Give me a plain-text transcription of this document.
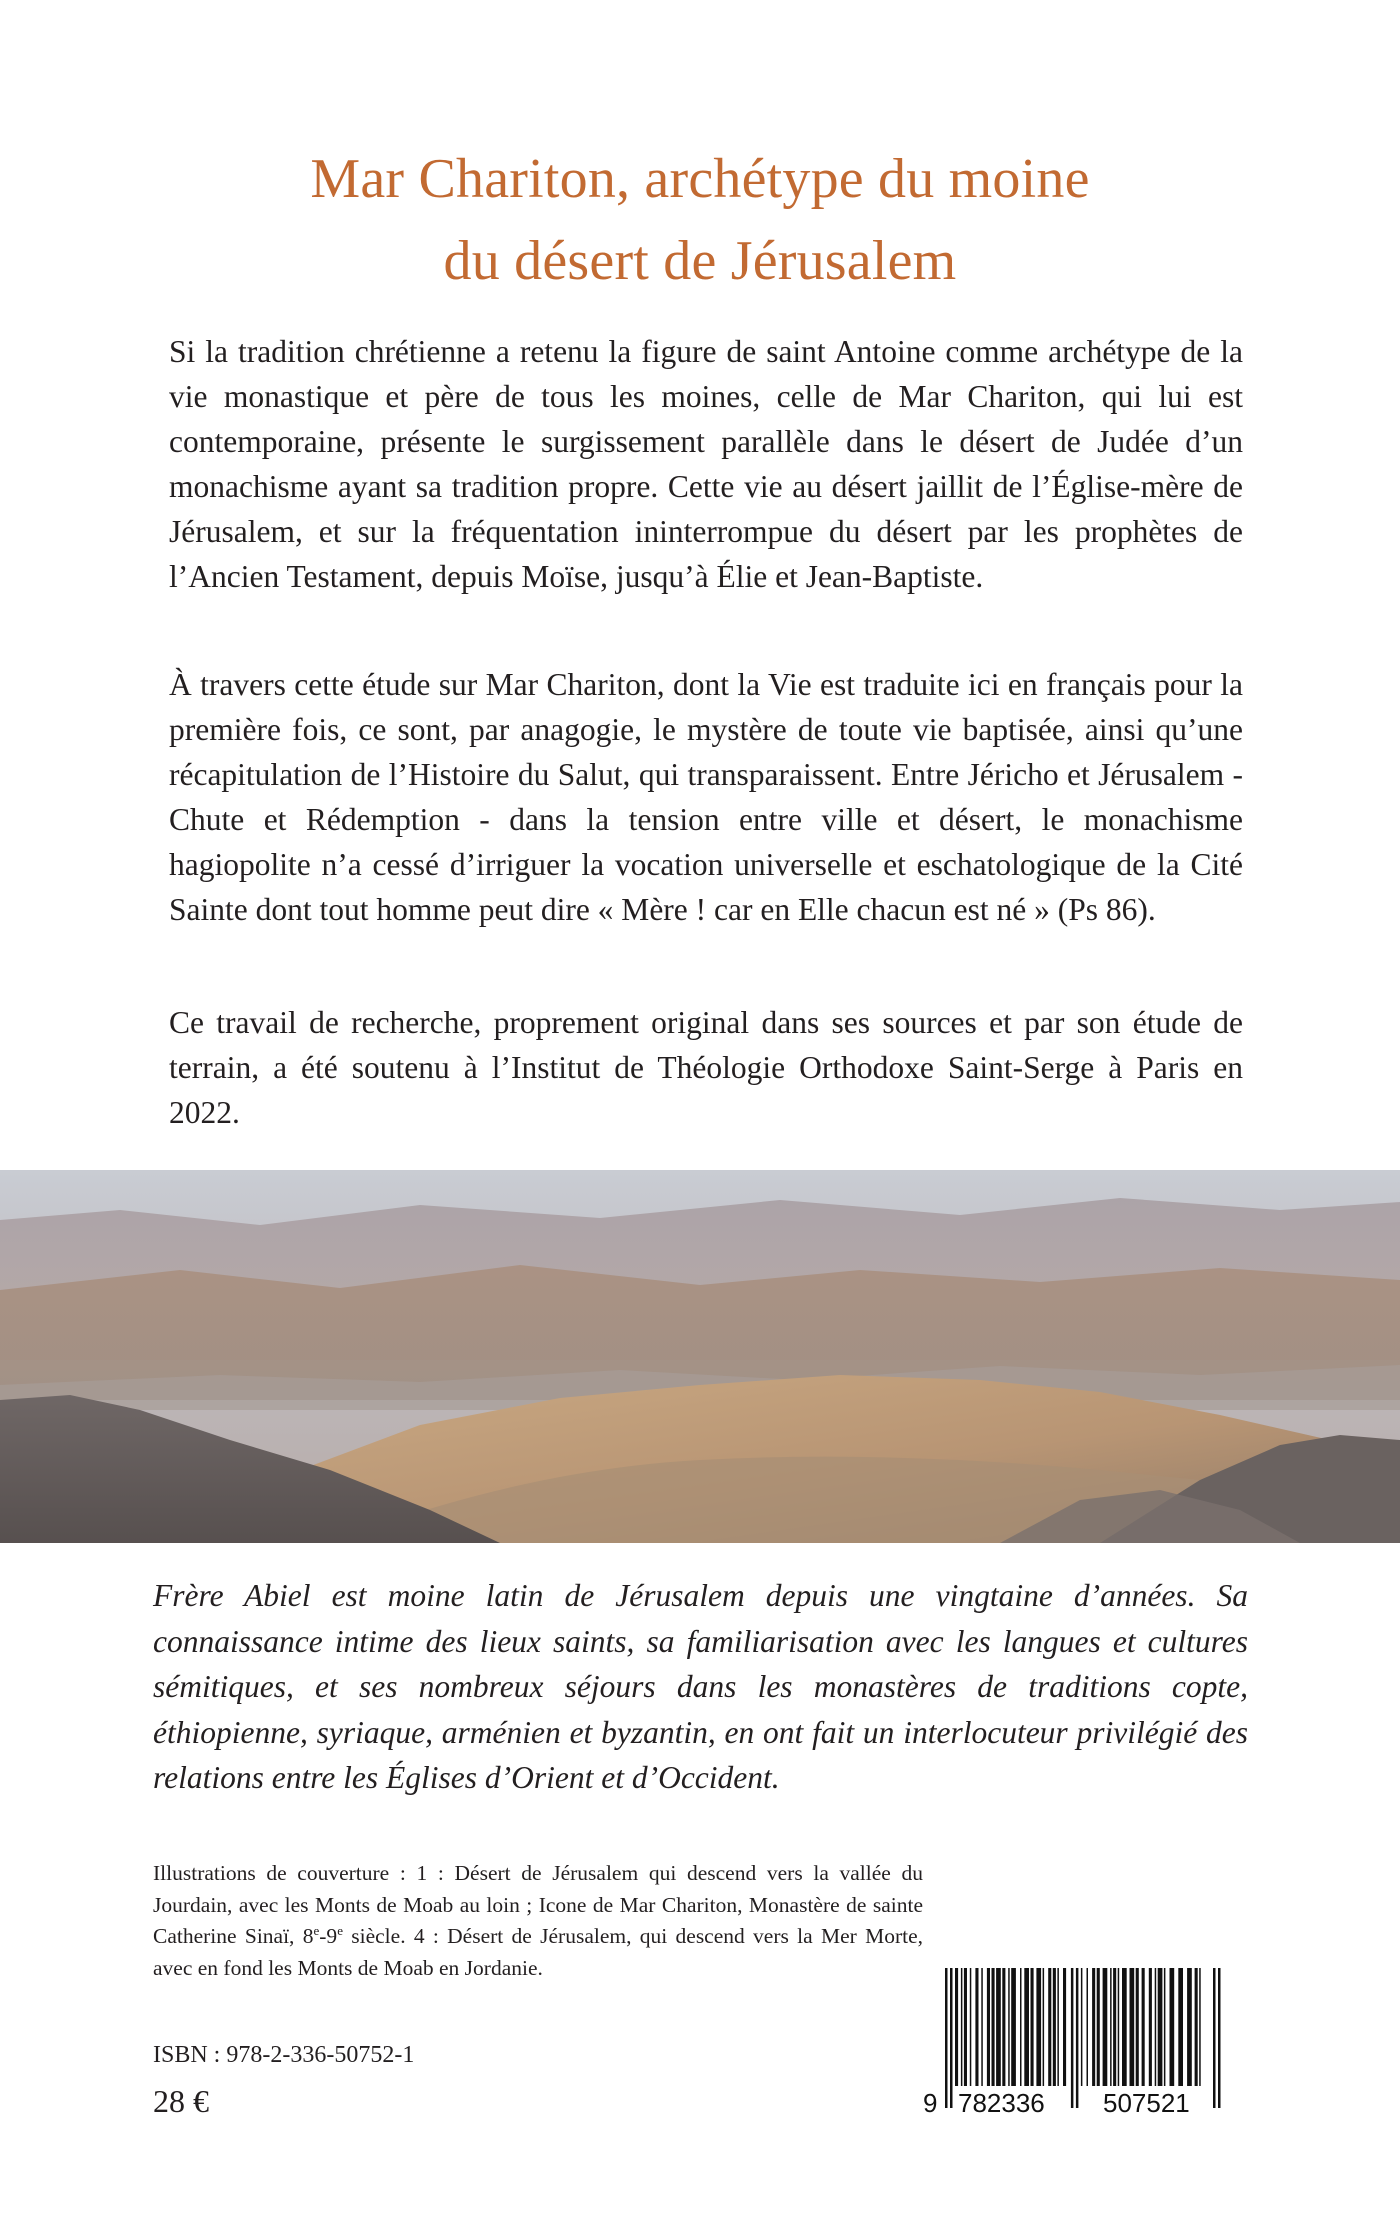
Mar Chariton, archétype du moine
du désert de Jérusalem

Si la tradition chrétienne a retenu la figure de saint Antoine comme archétype de la vie monastique et père de tous les moines, celle de Mar Chariton, qui lui est contemporaine, présente le surgissement parallèle dans le désert de Judée d’un monachisme ayant sa tradition propre. Cette vie au désert jaillit de l’Église-mère de Jérusalem, et sur la fréquentation ininterrompue du désert par les prophètes de l’Ancien Testament, depuis Moïse, jusqu’à Élie et Jean-Baptiste.

À travers cette étude sur Mar Chariton, dont la Vie est traduite ici en français pour la première fois, ce sont, par anagogie, le mystère de toute vie baptisée, ainsi qu’une récapitulation de l’Histoire du Salut, qui transparaissent. Entre Jéricho et Jérusalem - Chute et Rédemption - dans la tension entre ville et désert, le monachisme hagiopolite n’a cessé d’irriguer la vocation universelle et eschatologique de la Cité Sainte dont tout homme peut dire « Mère ! car en Elle chacun est né » (Ps 86).

Ce travail de recherche, proprement original dans ses sources et par son étude de terrain, a été soutenu à l’Institut de Théologie Orthodoxe Saint-Serge à Paris en 2022.

Frère Abiel est moine latin de Jérusalem depuis une vingtaine d’années. Sa connaissance intime des lieux saints, sa familiarisation avec les langues et cultures sémitiques, et ses nombreux séjours dans les monastères de traditions copte, éthiopienne, syriaque, arménien et byzantin, en ont fait un interlocuteur privilégié des relations entre les Églises d’Orient et d’Occident.

Illustrations de couverture : 1 : Désert de Jérusalem qui descend vers la vallée du Jourdain, avec les Monts de Moab au loin ; Icone de Mar Chariton, Monastère de sainte Catherine Sinaï, 8e-9e siècle. 4 : Désert de Jérusalem, qui descend vers la Mer Morte, avec en fond les Monts de Moab en Jordanie.

ISBN : 978-2-336-50752-1

28 €	9 782336 507521
